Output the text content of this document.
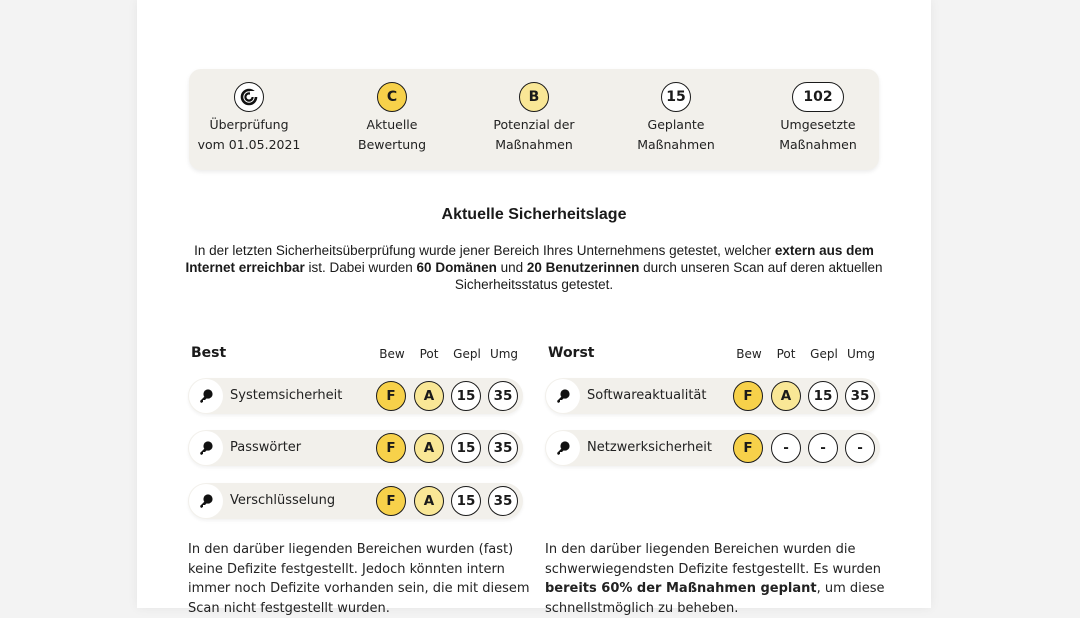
Überprüfung
vom 01.05.2021
C
Aktuelle
Bewertung
B
Potenzial der
Maßnahmen
15
Geplante
Maßnahmen
102
Umgesetzte
Maßnahmen
Aktuelle Sicherheitslage
In der letzten Sicherheitsüberprüfung wurde jener Bereich Ihres Unternehmens getestet, welcher extern aus dem Internet erreichbar ist. Dabei wurden 60 Domänen und 20 Benutzerinnen durch unseren Scan auf deren aktuellen Sicherheitsstatus getestet.
Best	Bew	Pot	Gepl Umg
Systemsicherheit	F	A	15	35
Passwörter	F	A	15	35
Verschlüsselung	F	A	15	35
Worst	Bew	Pot	Gepl Umg
Softwareaktualität	F	A	15	35
Netzwerksicherheit	F	-	-	-
In den darüber liegenden Bereichen wurden (fast) keine Defizite festgestellt. Jedoch könnten intern immer noch Defizite vorhanden sein, die mit diesem Scan nicht festgestellt wurden.
In den darüber liegenden Bereichen wurden die schwerwiegendsten Defizite festgestellt. Es wurden bereits 60% der Maßnahmen geplant, um diese schnellstmöglich zu beheben.
